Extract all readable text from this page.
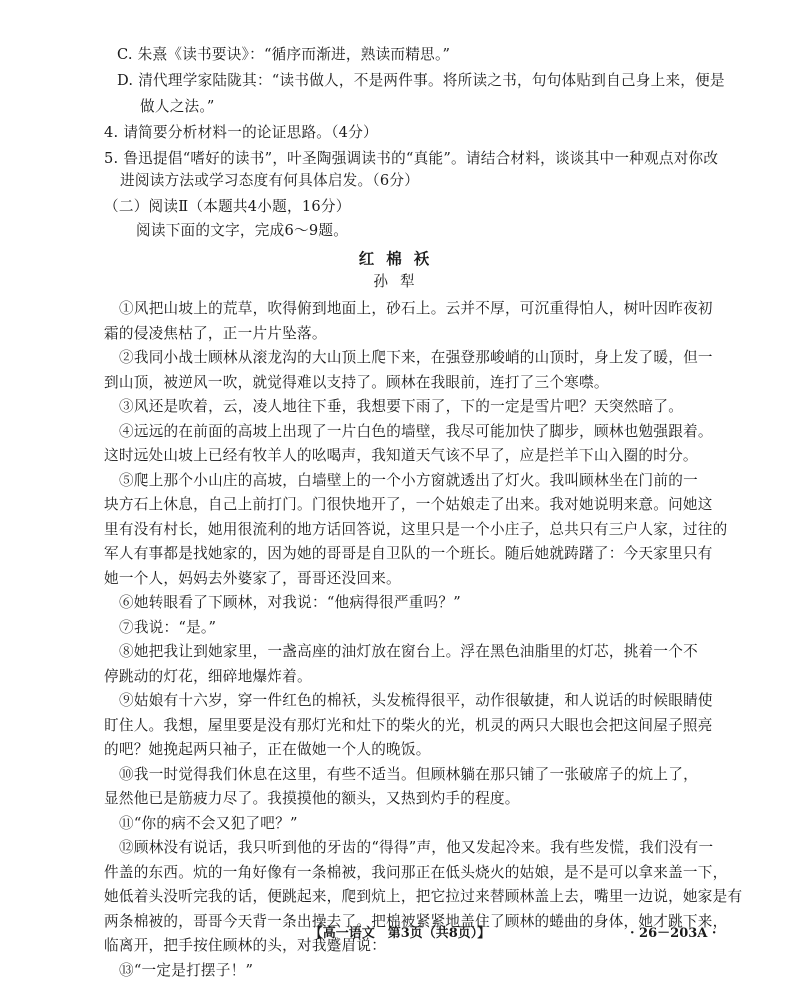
C. 朱熹《读书要诀》：“循序而渐进，熟读而精思。”
D. 清代理学家陆陇其：“读书做人，不是两件事。将所读之书，句句体贴到自己身上来，便是
做人之法。”
4. 请简要分析材料一的论证思路。（4分）
5. 鲁迅提倡“嗜好的读书”，叶圣陶强调读书的“真能”。请结合材料，谈谈其中一种观点对你改
进阅读方法或学习态度有何具体启发。（6分）
（二）阅读Ⅱ（本题共4小题，16分）
阅读下面的文字，完成6～9题。
红棉袄
孙犁
①风把山坡上的荒草，吹得俯到地面上，砂石上。云并不厚，可沉重得怕人，树叶因昨夜初
霜的侵凌焦枯了，正一片片坠落。
②我同小战士顾林从滚龙沟的大山顶上爬下来，在强登那峻峭的山顶时，身上发了暖，但一
到山顶，被逆风一吹，就觉得难以支持了。顾林在我眼前，连打了三个寒噤。
③风还是吹着，云，凌人地往下垂，我想要下雨了，下的一定是雪片吧？天突然暗了。
④远远的在前面的高坡上出现了一片白色的墙壁，我尽可能加快了脚步，顾林也勉强跟着。
这时远处山坡上已经有牧羊人的吆喝声，我知道天气该不早了，应是拦羊下山入圈的时分。
⑤爬上那个小山庄的高坡，白墙壁上的一个小方窗就透出了灯火。我叫顾林坐在门前的一
块方石上休息，自己上前打门。门很快地开了，一个姑娘走了出来。我对她说明来意。问她这
里有没有村长，她用很流利的地方话回答说，这里只是一个小庄子，总共只有三户人家，过往的
军人有事都是找她家的，因为她的哥哥是自卫队的一个班长。随后她就踌躇了：今天家里只有
她一个人，妈妈去外婆家了，哥哥还没回来。
⑥她转眼看了下顾林，对我说：“他病得很严重吗？”
⑦我说：“是。”
⑧她把我让到她家里，一盏高座的油灯放在窗台上。浮在黑色油脂里的灯芯，挑着一个不
停跳动的灯花，细碎地爆炸着。
⑨姑娘有十六岁，穿一件红色的棉袄，头发梳得很平，动作很敏捷，和人说话的时候眼睛使
盯住人。我想，屋里要是没有那灯光和灶下的柴火的光，机灵的两只大眼也会把这间屋子照亮
的吧？她挽起两只袖子，正在做她一个人的晚饭。
⑩我一时觉得我们休息在这里，有些不适当。但顾林躺在那只铺了一张破席子的炕上了，
显然他已是筋疲力尽了。我摸摸他的额头，又热到灼手的程度。
⑪“你的病不会又犯了吧？”
⑫顾林没有说话，我只听到他的牙齿的“得得”声，他又发起冷来。我有些发慌，我们没有一
件盖的东西。炕的一角好像有一条棉被，我问那正在低头烧火的姑娘，是不是可以拿来盖一下，
她低着头没听完我的话，便跳起来，爬到炕上，把它拉过来替顾林盖上去，嘴里一边说，她家是有
两条棉被的，哥哥今天背一条出操去了。把棉被紧紧地盖住了顾林的蜷曲的身体，她才跳下来，
临离开，把手按住顾林的头，对我蹙眉说：
⑬“一定是打摆子！”
【高一语文　第3页（共8页）】	· 26－203A ·
